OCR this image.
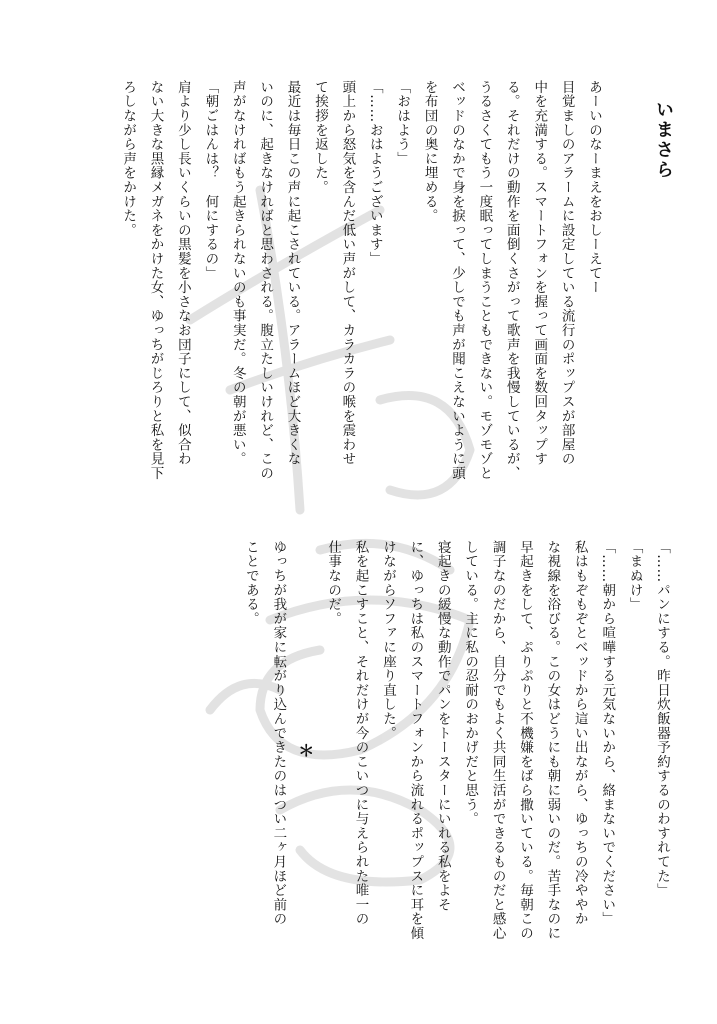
いまさら

あーいのなーまえをおしーえてー

目覚ましのアラームに設定している流行のポップスが部屋の

中を充満する。スマートフォンを握って画面を数回タップす

る。それだけの動作を面倒くさがって歌声を我慢しているが、

うるさくてもう一度眠ってしまうこともできない。モゾモゾと

ベッドのなかで身を捩って、少しでも声が聞こえないように頭

を布団の奥に埋める。

「おはよう」

「……おはようございます」

頭上から怒気を含んだ低い声がして、カラカラの喉を震わせ

て挨拶を返した。

最近は毎日この声に起こされている。アラームほど大きくな

いのに、起きなければと思わされる。腹立たしいけれど、この

声がなければもう起きられないのも事実だ。冬の朝が悪い。

「朝ごはんは？　何にするの」

肩より少し長いくらいの黒髪を小さなお団子にして、似合わ

ない大きな黒縁メガネをかけた女、ゆっちがじろりと私を見下

ろしながら声をかけた。

「……パンにする。昨日炊飯器予約するのわすれてた」

「まぬけ」

「……朝から喧嘩する元気ないから、絡まないでください」

私はもぞもぞとベッドから這い出ながら、ゆっちの冷ややか

な視線を浴びる。この女はどうにも朝に弱いのだ。苦手なのに

早起きをして、ぷりぷりと不機嫌をばら撒いている。毎朝この

調子なのだから、自分でもよく共同生活ができるものだと感心

している。主に私の忍耐のおかげだと思う。

寝起きの緩慢な動作でパンをトースターにいれる私をよそ

に、ゆっちは私のスマートフォンから流れるポップスに耳を傾

けながらソファに座り直した。

私を起こすこと、それだけが今のこいつに与えられた唯一の

仕事なのだ。

＊

ゆっちが我が家に転がり込んできたのはつい二ヶ月ほど前の

ことである。
